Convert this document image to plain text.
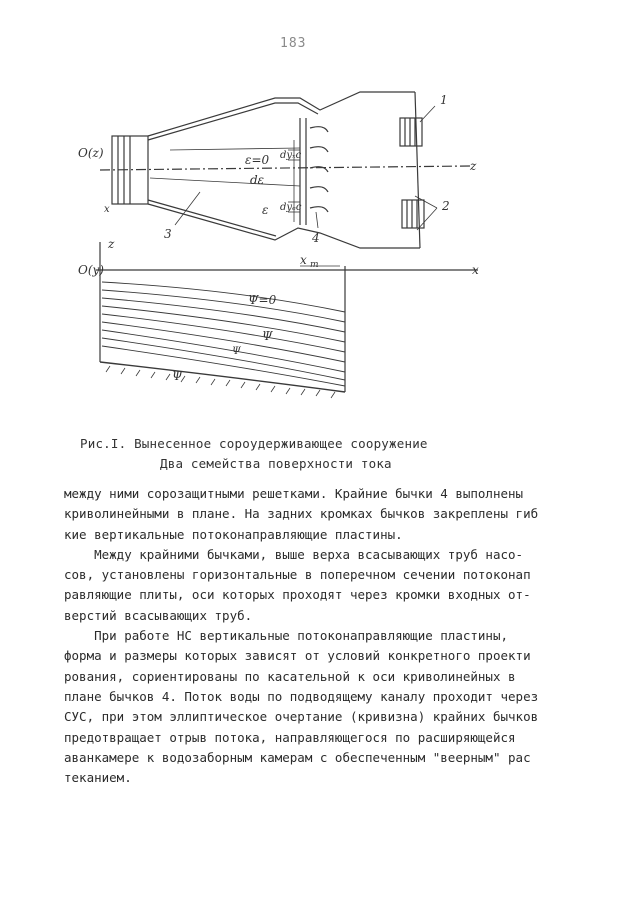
183
O(z)
O(y)
ε=0
dε
ε
dyₓc
dyₑc
Ψ=0
Ψ
Ψ
Ψ
x
z
z
x m
x
1
2
3	4
Рис.I. Вынесенное сороудерживающее сооружение
Два семейства поверхности тока
между ними сорозащитными решетками. Крайние бычки 4 выполнены
криволинейными в плане. На задних кромках бычков закреплены гиб
кие вертикальные потоконаправляющие пластины.
Между крайними бычками, выше верха всасывающих труб насо-
сов, установлены горизонтальные в поперечном сечении потоконап
равляющие плиты, оси которых проходят через кромки входных от-
верстий всасывающих труб.
При работе НС вертикальные потоконаправляющие пластины,
форма и размеры которых зависят от условий конкретного проекти
рования, сориентированы по касательной к оси криволинейных в
плане бычков 4. Поток воды по подводящему каналу проходит через
СУС, при этом эллиптическое очертание (кривизна) крайних бычков
предотвращает отрыв потока, направляющегося по расширяющейся
аванкамере к водозаборным камерам с обеспеченным "веерным" рас
теканием.
